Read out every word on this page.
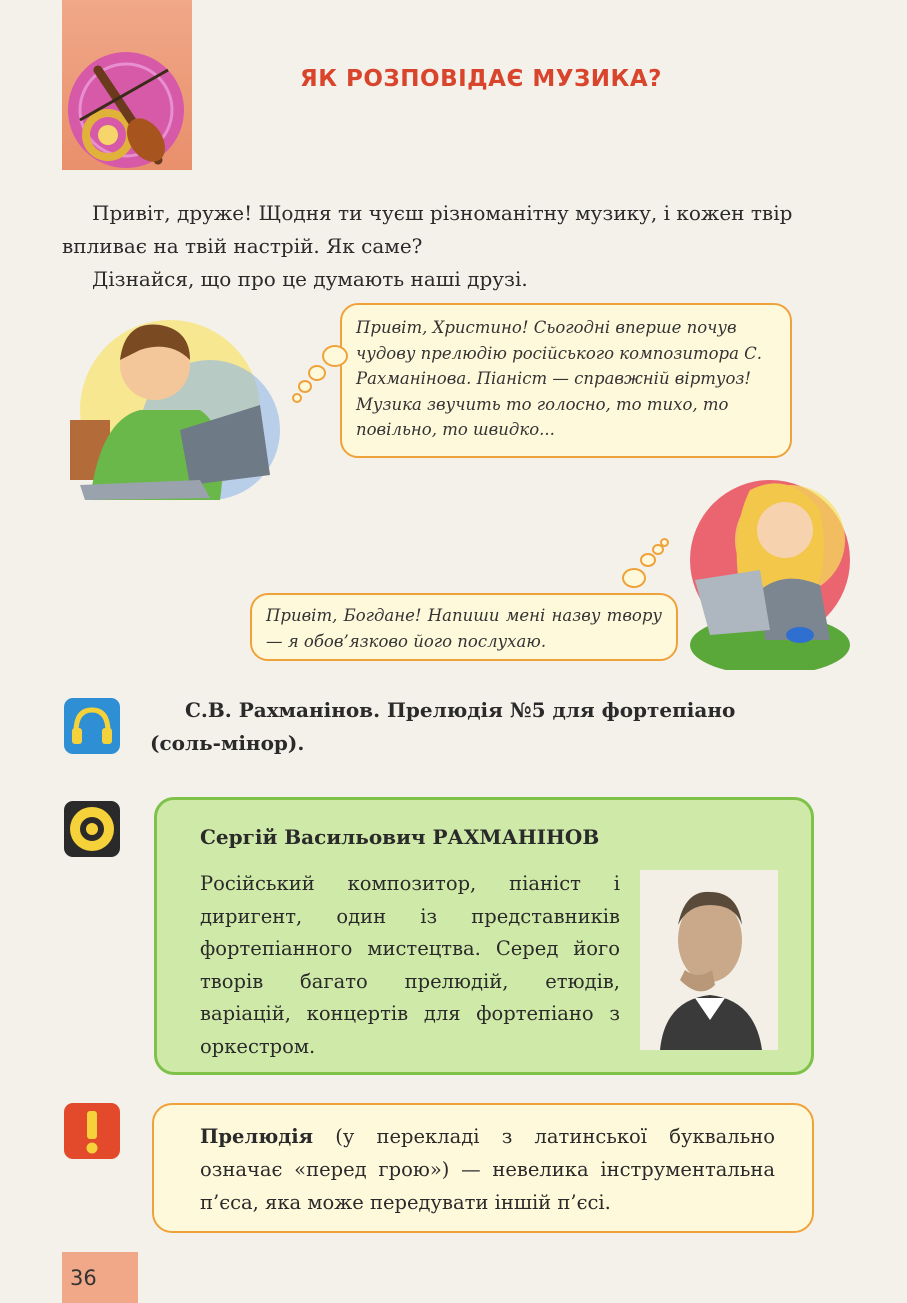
ЯК РОЗПОВІДАЄ МУЗИКА?

Привіт, друже! Щодня ти чуєш різноманітну музику, і кожен твір впливає на твій настрій. Як саме?

Дізнайся, що про це думають наші друзі.

Привіт, Христино! Сьогодні вперше почув чудову прелюдію російського композитора С. Рахманінова. Піаніст — справжній віртуоз! Музика звучить то голосно, то тихо, то повільно, то швидко...
Привіт, Богдане! Напиши мені назву твору — я обов’язково його послухаю.
С.В. Рахманінов. Прелюдія №5 для фортепіано
(соль-мінор).
Сергій Васильович РАХМАНІНОВ
Російський композитор, піаніст і диригент, один із представників фортепіанного мистецтва. Серед його творів багато прелюдій, етюдів, варіацій, концертів для фортепіано з оркестром.
Прелюдія (у перекладі з латинської буквально означає «перед грою») — невелика інструментальна п’єса, яка може передувати іншій п’єсі.
36
